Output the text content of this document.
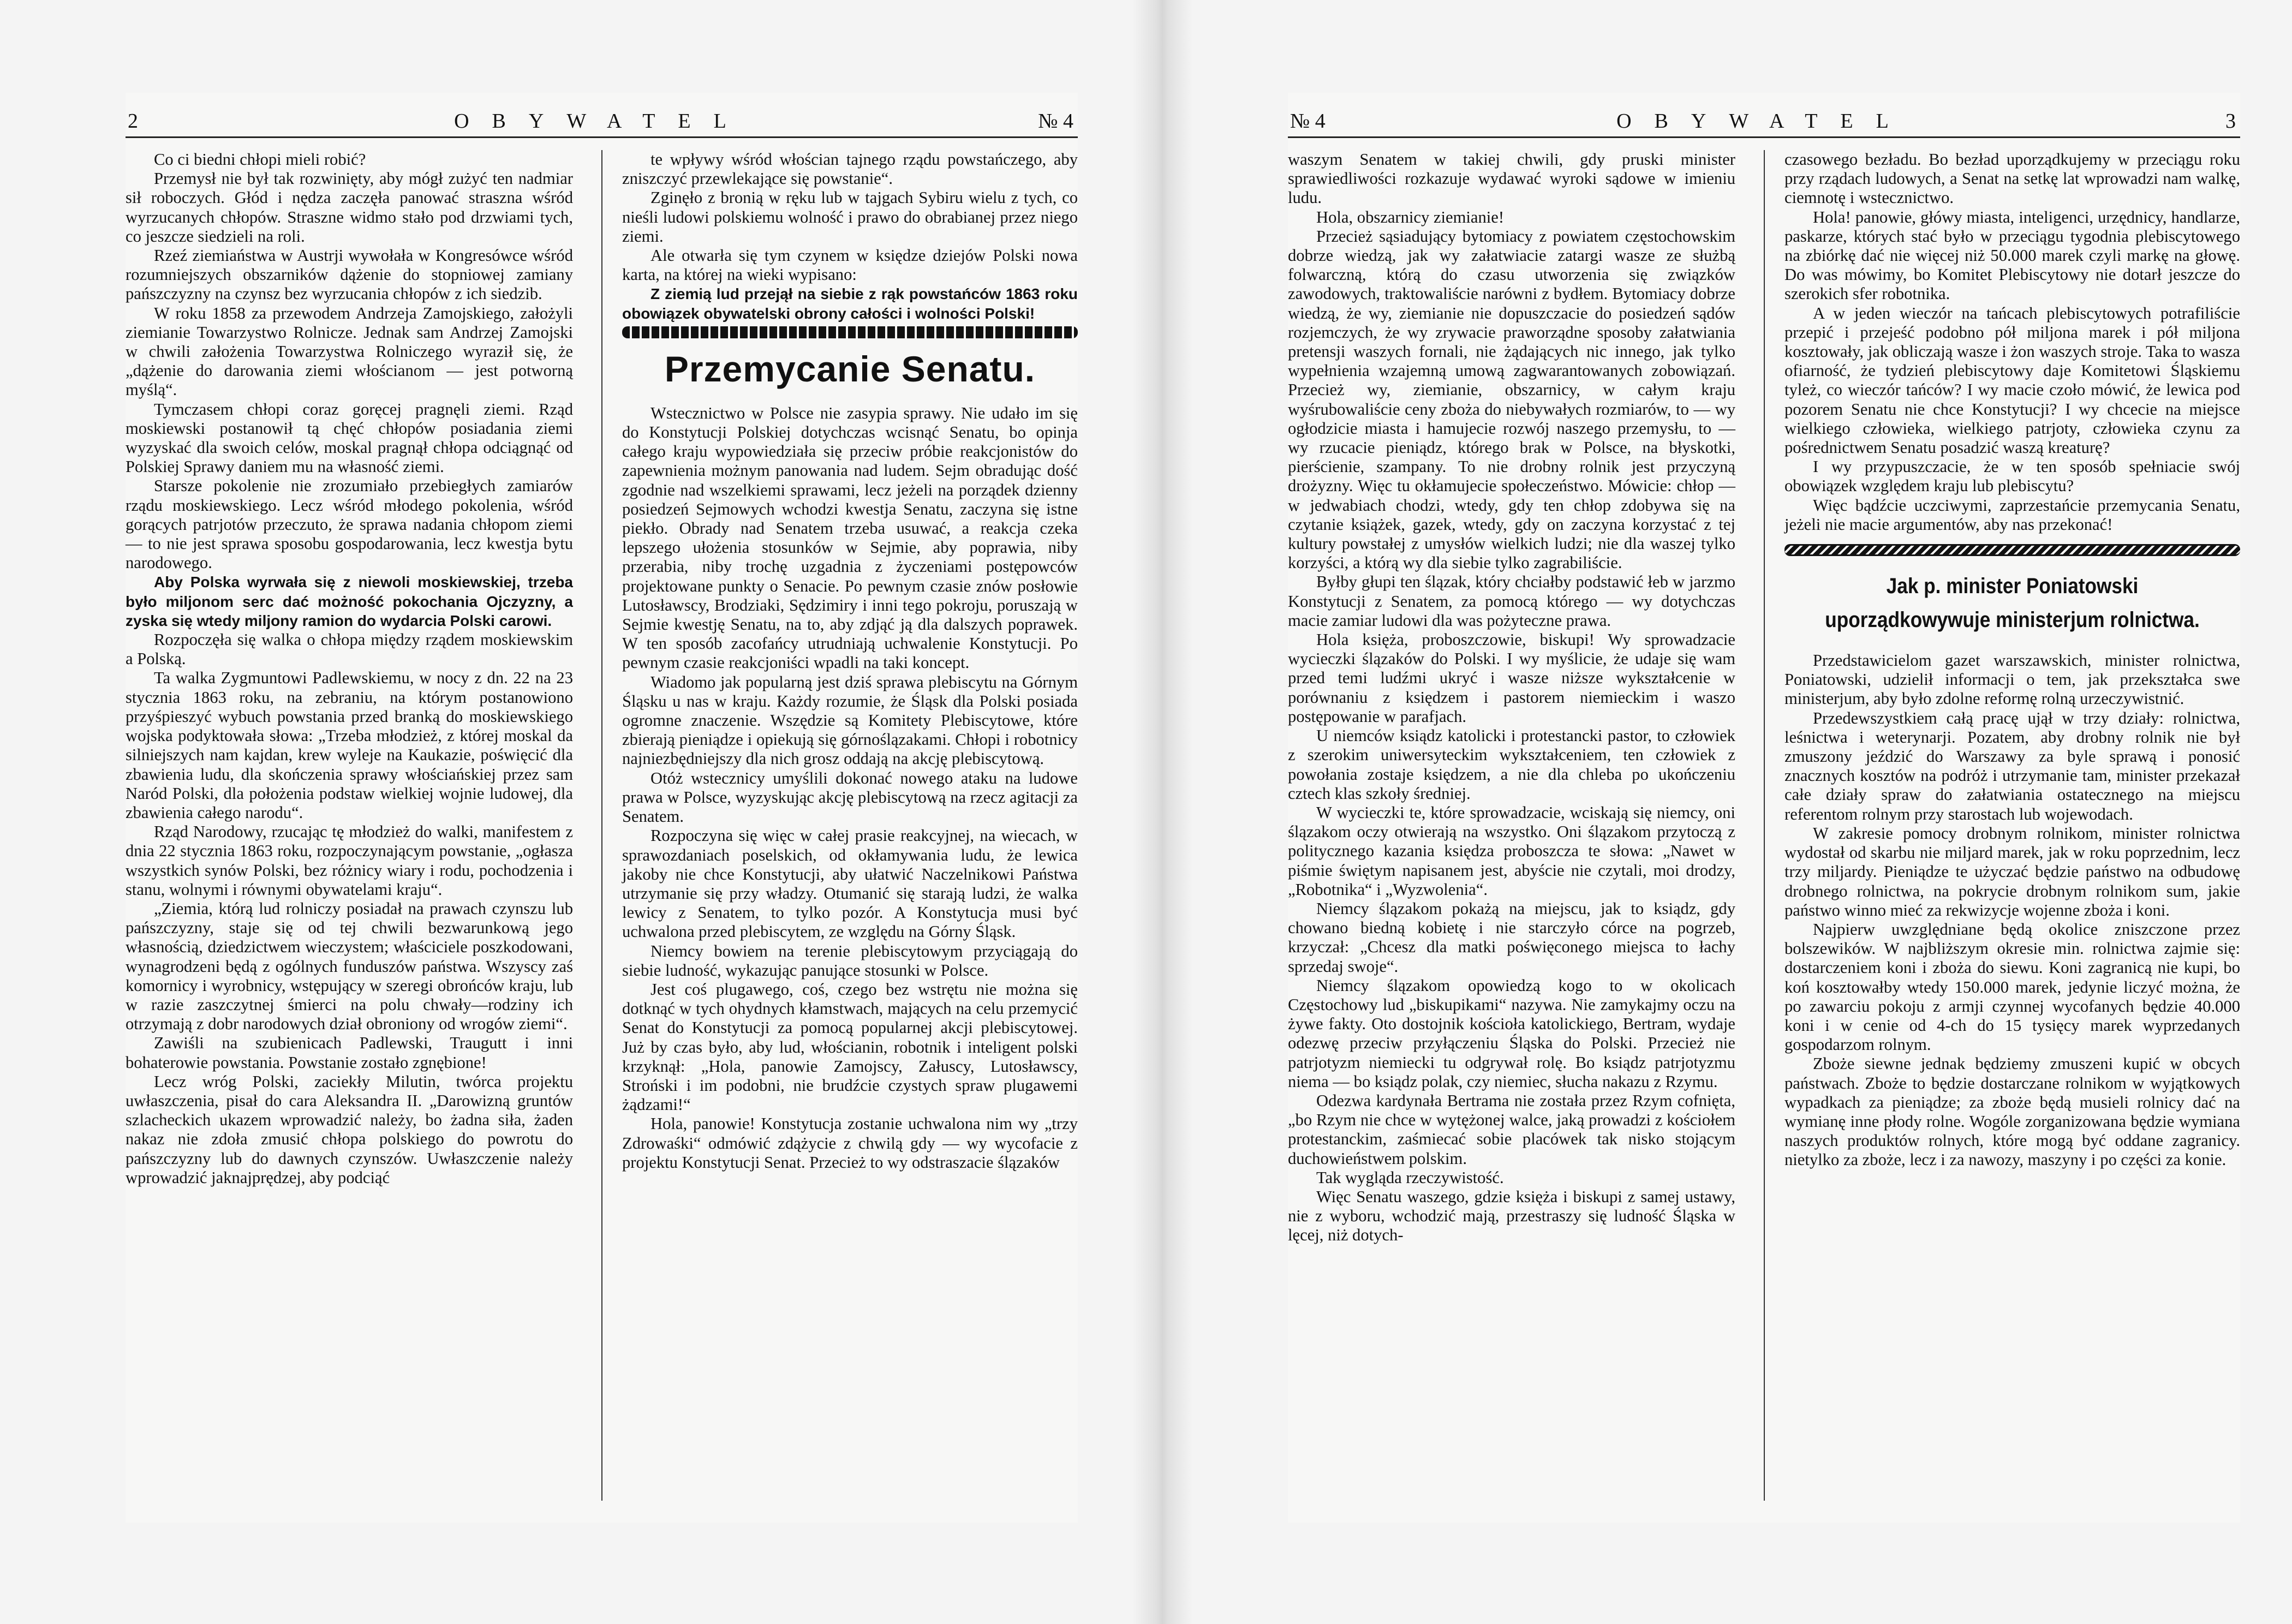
2	OBYWATEL	№ 4

Co ci biedni chłopi mieli robić?

Przemysł nie był tak rozwinięty, aby mógł zużyć ten nadmiar sił roboczych. Głód i nędza zaczęła panować straszna wśród wyrzucanych chłopów. Straszne widmo stało pod drzwiami tych, co jeszcze siedzieli na roli.

Rzeź ziemiaństwa w Austrji wywołała w Kongresówce wśród rozumniejszych obszarników dążenie do stopniowej zamiany pańszczyzny na czynsz bez wyrzucania chłopów z ich siedzib.

W roku 1858 za przewodem Andrzeja Zamojskiego, założyli ziemianie Towarzystwo Rolnicze. Jednak sam Andrzej Zamojski w chwili założenia Towarzystwa Rolniczego wyraził się, że „dążenie do darowania ziemi włościanom — jest potworną myślą“.

Tymczasem chłopi coraz goręcej pragnęli ziemi. Rząd moskiewski postanowił tą chęć chłopów posiadania ziemi wyzyskać dla swoich celów, moskal pragnął chłopa odciągnąć od Polskiej Sprawy daniem mu na własność ziemi.

Starsze pokolenie nie zrozumiało przebiegłych zamiarów rządu moskiewskiego. Lecz wśród młodego pokolenia, wśród gorących patrjotów przeczuto, że sprawa nadania chłopom ziemi — to nie jest sprawa sposobu gospodarowania, lecz kwestja bytu narodowego.

Aby Polska wyrwała się z niewoli moskiewskiej, trzeba było miljonom serc dać możność pokochania Ojczyzny, a zyska się wtedy miljony ramion do wydarcia Polski carowi.

Rozpoczęła się walka o chłopa między rządem moskiewskim a Polską.

Ta walka Zygmuntowi Padlewskiemu, w nocy z dn. 22 na 23 stycznia 1863 roku, na zebraniu, na którym postanowiono przyśpieszyć wybuch powstania przed branką do moskiewskiego wojska podyktowała słowa: „Trzeba młodzież, z której moskal da silniejszych nam kajdan, krew wyleje na Kaukazie, poświęcić dla zbawienia ludu, dla skończenia sprawy włościańskiej przez sam Naród Polski, dla położenia podstaw wielkiej wojnie ludowej, dla zbawienia całego narodu“.

Rząd Narodowy, rzucając tę młodzież do walki, manifestem z dnia 22 stycznia 1863 roku, rozpoczynającym powstanie, „ogłasza wszystkich synów Polski, bez różnicy wiary i rodu, pochodzenia i stanu, wolnymi i równymi obywatelami kraju“.

„Ziemia, którą lud rolniczy posiadał na prawach czynszu lub pańszczyzny, staje się od tej chwili bezwarunkową jego własnością, dziedzictwem wieczystem; właściciele poszkodowani, wynagrodzeni będą z ogólnych funduszów państwa. Wszyscy zaś komornicy i wyrobnicy, wstępujący w szeregi obrońców kraju, lub w razie zaszczytnej śmierci na polu chwały—rodziny ich otrzymają z dobr narodowych dział obroniony od wrogów ziemi“.

Zawiśli na szubienicach Padlewski, Traugutt i inni bohaterowie powstania. Powstanie zostało zgnębione!

Lecz wróg Polski, zaciekły Milutin, twórca projektu uwłaszczenia, pisał do cara Aleksandra II. „Darowizną gruntów szlacheckich ukazem wprowadzić należy, bo żadna siła, żaden nakaz nie zdoła zmusić chłopa polskiego do powrotu do pańszczyzny lub do dawnych czynszów. Uwłaszczenie należy wprowadzić jaknajprędzej, aby podciąć

te wpływy wśród włościan tajnego rządu powstańczego, aby zniszczyć przewlekające się powstanie“.

Zginęło z bronią w ręku lub w tajgach Sybiru wielu z tych, co nieśli ludowi polskiemu wolność i prawo do obrabianej przez niego ziemi.

Ale otwarła się tym czynem w księdze dziejów Polski nowa karta, na której na wieki wypisano:

Z ziemią lud przejął na siebie z rąk powstańców 1863 roku obowiązek obywatelski obrony całości i wolności Polski!

Przemycanie Senatu.

Wstecznictwo w Polsce nie zasypia sprawy. Nie udało im się do Konstytucji Polskiej dotychczas wcisnąć Senatu, bo opinja całego kraju wypowiedziała się przeciw próbie reakcjonistów do zapewnienia możnym panowania nad ludem. Sejm obradując dość zgodnie nad wszelkiemi sprawami, lecz jeżeli na porządek dzienny posiedzeń Sejmowych wchodzi kwestja Senatu, zaczyna się istne piekło. Obrady nad Senatem trzeba usuwać, a reakcja czeka lepszego ułożenia stosunków w Sejmie, aby poprawia, niby przerabia, niby trochę uzgadnia z życzeniami postępowców projektowane punkty o Senacie. Po pewnym czasie znów posłowie Lutosławscy, Brodziaki, Sędzimiry i inni tego pokroju, poruszają w Sejmie kwestję Senatu, na to, aby zdjąć ją dla dalszych poprawek. W ten sposób zacofańcy utrudniają uchwalenie Konstytucji. Po pewnym czasie reakcjoniści wpadli na taki koncept.

Wiadomo jak popularną jest dziś sprawa plebiscytu na Górnym Śląsku u nas w kraju. Każdy rozumie, że Śląsk dla Polski posiada ogromne znaczenie. Wszędzie są Komitety Plebiscytowe, które zbierają pieniądze i opiekują się górnoślązakami. Chłopi i robotnicy najniezbędniejszy dla nich grosz oddają na akcję plebiscytową.

Otóż wstecznicy umyślili dokonać nowego ataku na ludowe prawa w Polsce, wyzyskując akcję plebiscytową na rzecz agitacji za Senatem.

Rozpoczyna się więc w całej prasie reakcyjnej, na wiecach, w sprawozdaniach poselskich, od okłamywania ludu, że lewica jakoby nie chce Konstytucji, aby ułatwić Naczelnikowi Państwa utrzymanie się przy władzy. Otumanić się starają ludzi, że walka lewicy z Senatem, to tylko pozór. A Konstytucja musi być uchwalona przed plebiscytem, ze względu na Górny Śląsk.

Niemcy bowiem na terenie plebiscytowym przyciągają do siebie ludność, wykazując panujące stosunki w Polsce.

Jest coś plugawego, coś, czego bez wstrętu nie można się dotknąć w tych ohydnych kłamstwach, mających na celu przemycić Senat do Konstytucji za pomocą popularnej akcji plebiscytowej. Już by czas było, aby lud, włościanin, robotnik i inteligent polski krzyknął: „Hola, panowie Zamojscy, Załuscy, Lutosławscy, Stroński i im podobni, nie brudźcie czystych spraw plugawemi żądzami!“

Hola, panowie! Konstytucja zostanie uchwalona nim wy „trzy Zdrowaśki“ odmówić zdążycie z chwilą gdy — wy wycofacie z projektu Konstytucji Senat. Przecież to wy odstraszacie ślązaków

№ 4	OBYWATEL	3

waszym Senatem w takiej chwili, gdy pruski minister sprawiedliwości rozkazuje wydawać wyroki sądowe w imieniu ludu.

Hola, obszarnicy ziemianie!

Przecież sąsiadujący bytomiacy z powiatem częstochowskim dobrze wiedzą, jak wy załatwiacie zatargi wasze ze służbą folwarczną, którą do czasu utworzenia się związków zawodowych, traktowaliście narówni z bydłem. Bytomiacy dobrze wiedzą, że wy, ziemianie nie dopuszczacie do posiedzeń sądów rozjemczych, że wy zrywacie praworządne sposoby załatwiania pretensji waszych fornali, nie żądających nic innego, jak tylko wypełnienia wzajemną umową zagwarantowanych zobowiązań. Przecież wy, ziemianie, obszarnicy, w całym kraju wyśrubowaliście ceny zboża do niebywałych rozmiarów, to — wy ogłodzicie miasta i hamujecie rozwój naszego przemysłu, to — wy rzucacie pieniądz, którego brak w Polsce, na błyskotki, pierścienie, szampany. To nie drobny rolnik jest przyczyną drożyzny. Więc tu okłamujecie społeczeństwo. Mówicie: chłop — w jedwabiach chodzi, wtedy, gdy ten chłop zdobywa się na czytanie książek, gazek, wtedy, gdy on zaczyna korzystać z tej kultury powstałej z umysłów wielkich ludzi; nie dla waszej tylko korzyści, a którą wy dla siebie tylko zagrabiliście.

Byłby głupi ten ślązak, który chciałby podstawić łeb w jarzmo Konstytucji z Senatem, za pomocą którego — wy dotychczas macie zamiar ludowi dla was pożyteczne prawa.

Hola księża, proboszczowie, biskupi! Wy sprowadzacie wycieczki ślązaków do Polski. I wy myślicie, że udaje się wam przed temi ludźmi ukryć i wasze niższe wykształcenie w porównaniu z księdzem i pastorem niemieckim i waszo postępowanie w parafjach.

U niemców ksiądz katolicki i protestancki pastor, to człowiek z szerokim uniwersyteckim wykształceniem, ten człowiek z powołania zostaje księdzem, a nie dla chleba po ukończeniu cztech klas szkoły średniej.

W wycieczki te, które sprowadzacie, wciskają się niemcy, oni ślązakom oczy otwierają na wszystko. Oni ślązakom przytoczą z politycznego kazania księdza proboszcza te słowa: „Nawet w piśmie świętym napisanem jest, abyście nie czytali, moi drodzy, „Robotnika“ i „Wyzwolenia“.

Niemcy ślązakom pokażą na miejscu, jak to ksiądz, gdy chowano biedną kobietę i nie starczyło córce na pogrzeb, krzyczał: „Chcesz dla matki poświęconego miejsca to łachy sprzedaj swoje“.

Niemcy ślązakom opowiedzą kogo to w okolicach Częstochowy lud „biskupikami“ nazywa. Nie zamykajmy oczu na żywe fakty. Oto dostojnik kościoła katolickiego, Bertram, wydaje odezwę przeciw przyłączeniu Śląska do Polski. Przecież nie patrjotyzm niemiecki tu odgrywał rolę. Bo ksiądz patrjotyzmu niema — bo ksiądz polak, czy niemiec, słucha nakazu z Rzymu.

Odezwa kardynała Bertrama nie została przez Rzym cofnięta, „bo Rzym nie chce w wytężonej walce, jaką prowadzi z kościołem protestanckim, zaśmiecać sobie placówek tak nisko stojącym duchowieństwem polskim.

Tak wygląda rzeczywistość.

Więc Senatu waszego, gdzie księża i biskupi z samej ustawy, nie z wyboru, wchodzić mają, przestraszy się ludność Śląska w lęcej, niż dotych-

czasowego bezładu. Bo bezład uporządkujemy w przeciągu roku przy rządach ludowych, a Senat na setkę lat wprowadzi nam walkę, ciemnotę i wstecznictwo.

Hola! panowie, główy miasta, inteligenci, urzędnicy, handlarze, paskarze, których stać było w przeciągu tygodnia plebiscytowego na zbiórkę dać nie więcej niż 50.000 marek czyli markę na głowę. Do was mówimy, bo Komitet Plebiscytowy nie dotarł jeszcze do szerokich sfer robotnika.

A w jeden wieczór na tańcach plebiscytowych potrafiliście przepić i przejeść podobno pół miljona marek i pół miljona kosztowały, jak obliczają wasze i żon waszych stroje. Taka to wasza ofiarność, że tydzień plebiscytowy daje Komitetowi Śląskiemu tyleż, co wieczór tańców? I wy macie czoło mówić, że lewica pod pozorem Senatu nie chce Konstytucji? I wy chcecie na miejsce wielkiego człowieka, wielkiego patrjoty, człowieka czynu za pośrednictwem Senatu posadzić waszą kreaturę?

I wy przypuszczacie, że w ten sposób spełniacie swój obowiązek względem kraju lub plebiscytu?

Więc bądźcie uczciwymi, zaprzestańcie przemycania Senatu, jeżeli nie macie argumentów, aby nas przekonać!

Jak p. minister Poniatowski uporządkowywuje ministerjum rolnictwa.

Przedstawicielom gazet warszawskich, minister rolnictwa, Poniatowski, udzielił informacji o tem, jak przekształca swe ministerjum, aby było zdolne reformę rolną urzeczywistnić.

Przedewszystkiem całą pracę ujął w trzy działy: rolnictwa, leśnictwa i weterynarji. Pozatem, aby drobny rolnik nie był zmuszony jeździć do Warszawy za byle sprawą i ponosić znacznych kosztów na podróż i utrzymanie tam, minister przekazał całe działy spraw do załatwiania ostatecznego na miejscu referentom rolnym przy starostach lub wojewodach.

W zakresie pomocy drobnym rolnikom, minister rolnictwa wydostał od skarbu nie miljard marek, jak w roku poprzednim, lecz trzy miljardy. Pieniądze te użyczać będzie państwo na odbudowę drobnego rolnictwa, na pokrycie drobnym rolnikom sum, jakie państwo winno mieć za rekwizycje wojenne zboża i koni.

Najpierw uwzględniane będą okolice zniszczone przez bolszewików. W najbliższym okresie min. rolnictwa zajmie się: dostarczeniem koni i zboża do siewu. Koni zagranicą nie kupi, bo koń kosztowałby wtedy 150.000 marek, jedynie liczyć można, że po zawarciu pokoju z armji czynnej wycofanych będzie 40.000 koni i w cenie od 4-ch do 15 tysięcy marek wyprzedanych gospodarzom rolnym.

Zboże siewne jednak będziemy zmuszeni kupić w obcych państwach. Zboże to będzie dostarczane rolnikom w wyjątkowych wypadkach za pieniądze; za zboże będą musieli rolnicy dać na wymianę inne płody rolne. Wogóle zorganizowana będzie wymiana naszych produktów rolnych, które mogą być oddane zagranicy. nietylko za zboże, lecz i za nawozy, maszyny i po części za konie.
